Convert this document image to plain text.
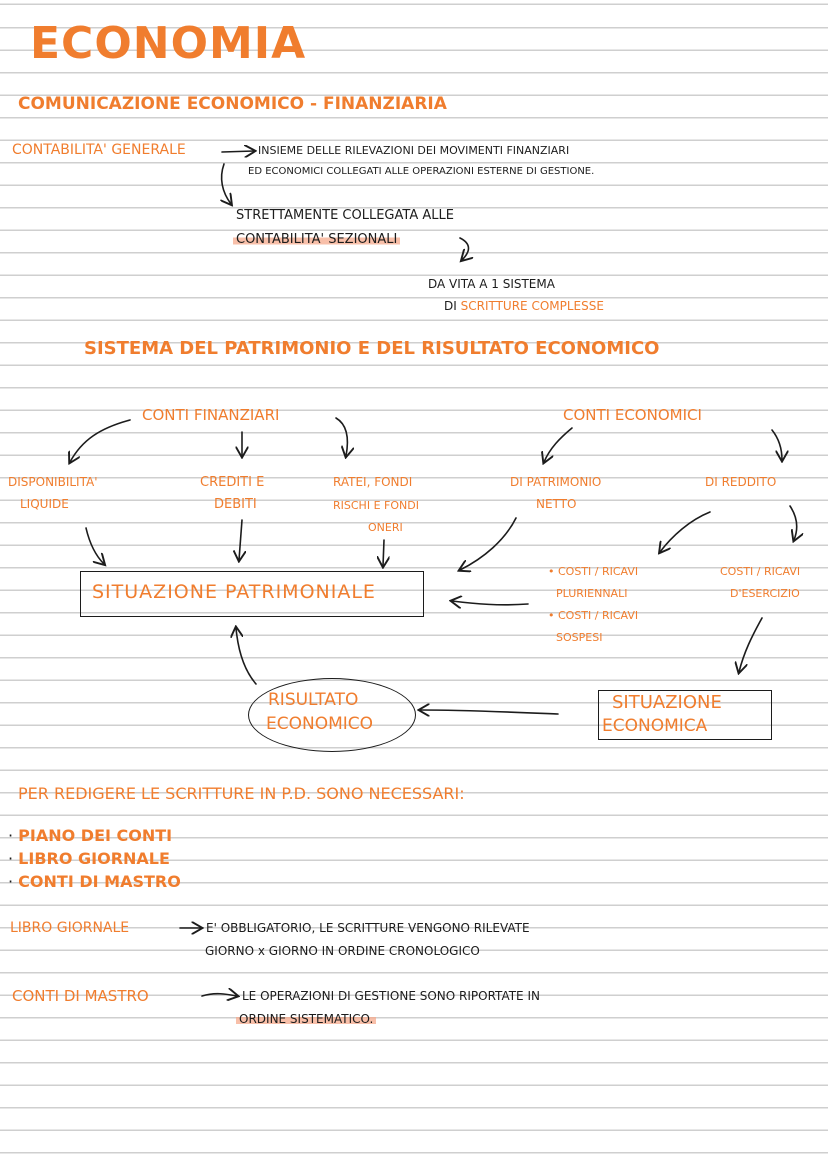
ECONOMIA
COMUNICAZIONE ECONOMICO - FINANZIARIA
CONTABILITA' GENERALE	INSIEME DELLE RILEVAZIONI DEI MOVIMENTI FINANZIARI
ED ECONOMICI COLLEGATI ALLE OPERAZIONI ESTERNE DI GESTIONE.
STRETTAMENTE COLLEGATA ALLE
CONTABILITA' SEZIONALI
DA VITA A 1 SISTEMA
DI SCRITTURE COMPLESSE
SISTEMA DEL PATRIMONIO E DEL RISULTATO ECONOMICO
CONTI FINANZIARI	CONTI ECONOMICI
DISPONIBILITA'
LIQUIDE
CREDITI E
DEBITI
RATEI, FONDI
RISCHI E FONDI
ONERI
DI PATRIMONIO
NETTO
DI REDDITO
• COSTI / RICAVI
PLURIENNALI
• COSTI / RICAVI
SOSPESI
COSTI / RICAVI
D'ESERCIZIO
SITUAZIONE PATRIMONIALE
RISULTATO
ECONOMICO
SITUAZIONE
ECONOMICA
PER REDIGERE LE SCRITTURE IN P.D. SONO NECESSARI:
· PIANO DEI CONTI
· LIBRO GIORNALE
· CONTI DI MASTRO
LIBRO GIORNALE	E' OBBLIGATORIO, LE SCRITTURE VENGONO RILEVATE
GIORNO x GIORNO IN ORDINE CRONOLOGICO
CONTI DI MASTRO	LE OPERAZIONI DI GESTIONE SONO RIPORTATE IN
ORDINE SISTEMATICO.
